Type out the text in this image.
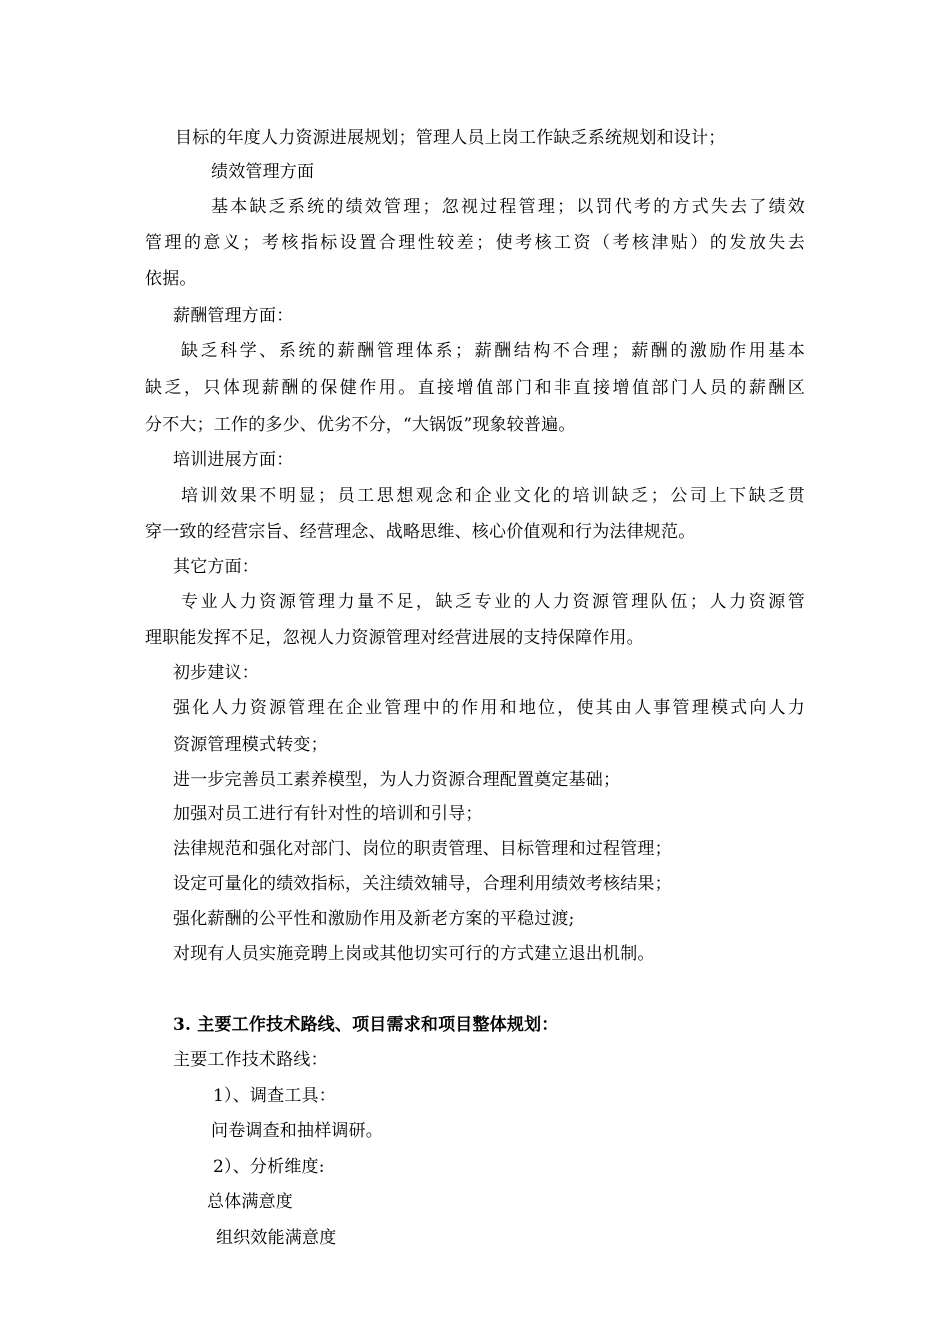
目标的年度人力资源进展规划；管理人员上岗工作缺乏系统规划和设计；
绩效管理方面
基本缺乏系统的绩效管理；忽视过程管理；以罚代考的方式失去了绩效
管理的意义；考核指标设置合理性较差；使考核工资（考核津贴）的发放失去
依据。
薪酬管理方面：
缺乏科学、系统的薪酬管理体系；薪酬结构不合理；薪酬的激励作用基本
缺乏，只体现薪酬的保健作用。直接增值部门和非直接增值部门人员的薪酬区
分不大；工作的多少、优劣不分，“大锅饭”现象较普遍。
培训进展方面：
培训效果不明显；员工思想观念和企业文化的培训缺乏；公司上下缺乏贯
穿一致的经营宗旨、经营理念、战略思维、核心价值观和行为法律规范。
其它方面：
专业人力资源管理力量不足，缺乏专业的人力资源管理队伍；人力资源管
理职能发挥不足，忽视人力资源管理对经营进展的支持保障作用。
初步建议：
强化人力资源管理在企业管理中的作用和地位，使其由人事管理模式向人力
资源管理模式转变；
进一步完善员工素养模型，为人力资源合理配置奠定基础；
加强对员工进行有针对性的培训和引导；
法律规范和强化对部门、岗位的职责管理、目标管理和过程管理；
设定可量化的绩效指标，关注绩效辅导，合理利用绩效考核结果；
强化薪酬的公平性和激励作用及新老方案的平稳过渡;
对现有人员实施竞聘上岗或其他切实可行的方式建立退出机制。
3. 主要工作技术路线、项目需求和项目整体规划：
主要工作技术路线：
1）、调查工具：
问卷调查和抽样调研。
2）、分析维度:
总体满意度
组织效能满意度
